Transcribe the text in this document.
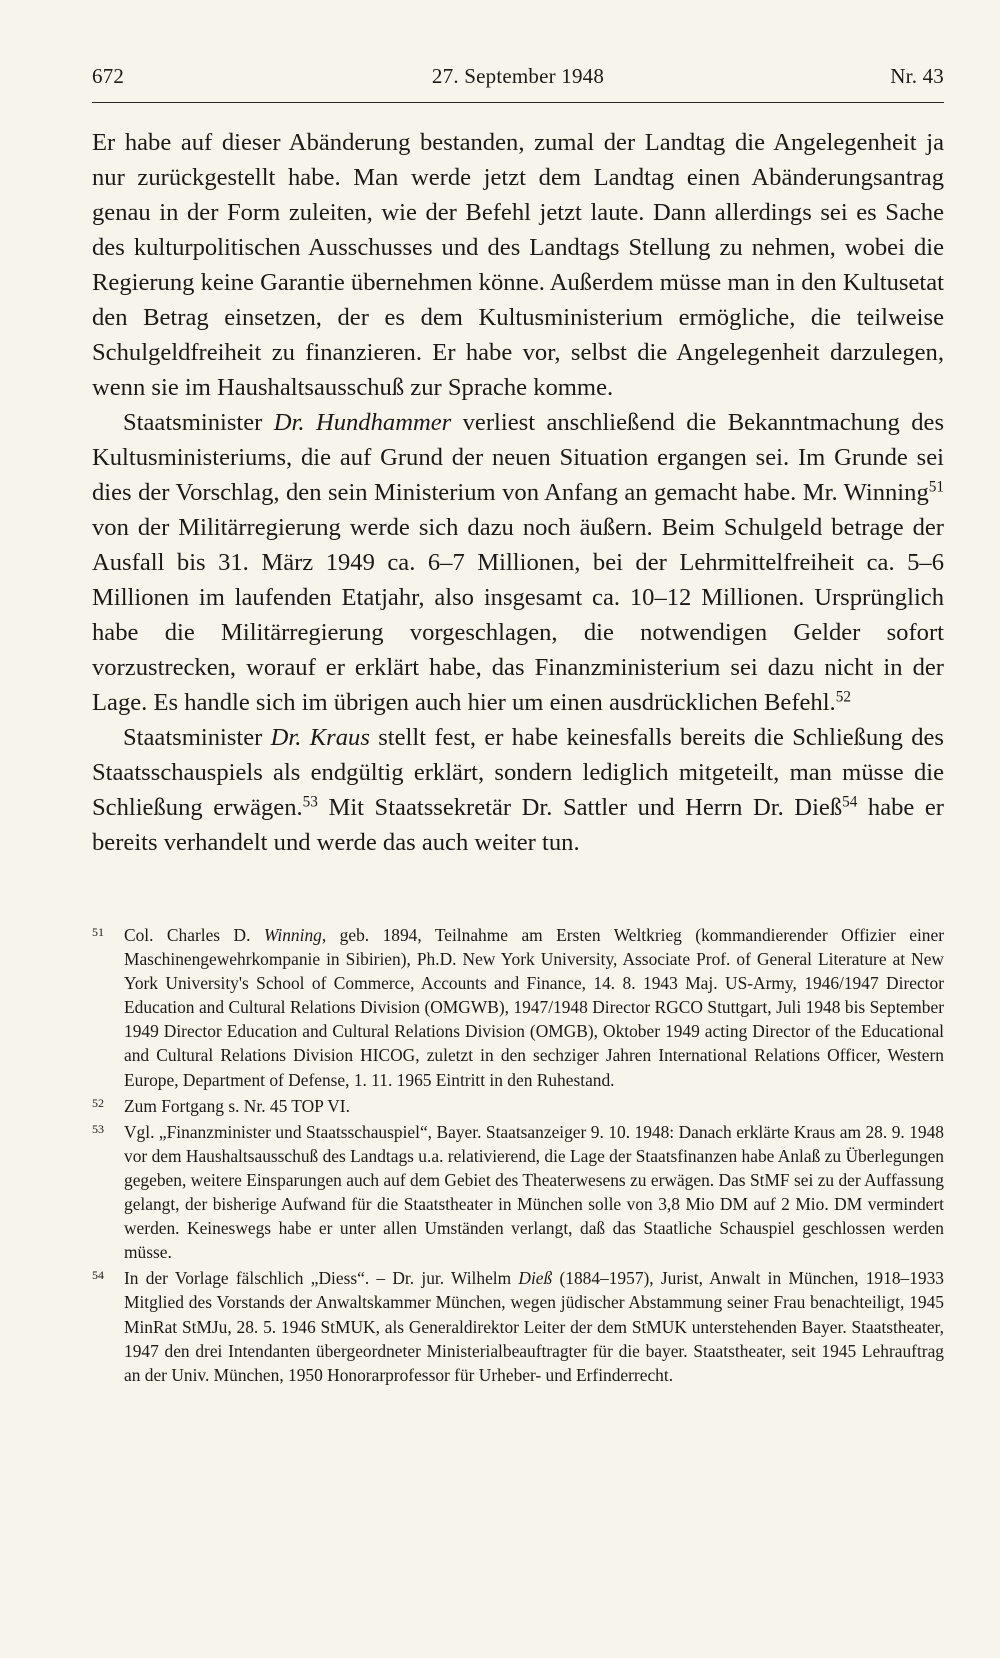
27. September 1948
672	Nr. 43

Er habe auf dieser Abänderung bestanden, zumal der Landtag die Angelegenheit ja nur zurückgestellt habe. Man werde jetzt dem Landtag einen Abänderungsantrag genau in der Form zuleiten, wie der Befehl jetzt laute. Dann allerdings sei es Sache des kulturpolitischen Ausschusses und des Landtags Stellung zu nehmen, wobei die Regierung keine Garantie übernehmen könne. Außerdem müsse man in den Kultusetat den Betrag einsetzen, der es dem Kultusministerium ermögliche, die teilweise Schulgeldfreiheit zu finanzieren. Er habe vor, selbst die Angelegenheit darzulegen, wenn sie im Haushaltsausschuß zur Sprache komme.

Staatsminister Dr. Hundhammer verliest anschließend die Bekanntmachung des Kultusministeriums, die auf Grund der neuen Situation ergangen sei. Im Grunde sei dies der Vorschlag, den sein Ministerium von Anfang an gemacht habe. Mr. Winning$^{51}$ von der Militärregierung werde sich dazu noch äußern. Beim Schulgeld betrage der Ausfall bis 31. März 1949 ca. 6–7 Millionen, bei der Lehrmittelfreiheit ca. 5–6 Millionen im laufenden Etatjahr, also insgesamt ca. 10–12 Millionen. Ursprünglich habe die Militärregierung vorgeschlagen, die notwendigen Gelder sofort vorzustrecken, worauf er erklärt habe, das Finanzministerium sei dazu nicht in der Lage. Es handle sich im übrigen auch hier um einen ausdrücklichen Befehl.$^{52}$

Staatsminister Dr. Kraus stellt fest, er habe keinesfalls bereits die Schließung des Staatsschauspiels als endgültig erklärt, sondern lediglich mitgeteilt, man müsse die Schließung erwägen.$^{53}$ Mit Staatssekretär Dr. Sattler und Herrn Dr. Dieß$^{54}$ habe er bereits verhandelt und werde das auch weiter tun.

51	Col. Charles D. Winning, geb. 1894, Teilnahme am Ersten Weltkrieg (kommandierender Offizier einer Maschinengewehrkompanie in Sibirien), Ph.D. New York University, Associate Prof. of General Literature at New York University's School of Commerce, Accounts and Finance, 14. 8. 1943 Maj. US-Army, 1946/1947 Director Education and Cultural Relations Division (OMGWB), 1947/1948 Director RGCO Stuttgart, Juli 1948 bis September 1949 Director Education and Cultural Relations Division (OMGB), Oktober 1949 acting Director of the Educational and Cultural Relations Division HICOG, zuletzt in den sechziger Jahren International Relations Officer, Western Europe, Department of Defense, 1. 11. 1965 Eintritt in den Ruhestand.
52	Zum Fortgang s. Nr. 45 TOP VI.
53	Vgl. „Finanzminister und Staatsschauspiel“, Bayer. Staatsanzeiger 9. 10. 1948: Danach erklärte Kraus am 28. 9. 1948 vor dem Haushaltsausschuß des Landtags u.a. relativierend, die Lage der Staatsfinanzen habe Anlaß zu Überlegungen gegeben, weitere Einsparungen auch auf dem Gebiet des Theaterwesens zu erwägen. Das StMF sei zu der Auffassung gelangt, der bisherige Aufwand für die Staatstheater in München solle von 3,8 Mio DM auf 2 Mio. DM vermindert werden. Keineswegs habe er unter allen Umständen verlangt, daß das Staatliche Schauspiel geschlossen werden müsse.
54	In der Vorlage fälschlich „Diess“. – Dr. jur. Wilhelm Dieß (1884–1957), Jurist, Anwalt in München, 1918–1933 Mitglied des Vorstands der Anwaltskammer München, wegen jüdischer Abstammung seiner Frau benachteiligt, 1945 MinRat StMJu, 28. 5. 1946 StMUK, als Generaldirektor Leiter der dem StMUK unterstehenden Bayer. Staatstheater, 1947 den drei Intendanten übergeordneter Ministerialbeauftragter für die bayer. Staatstheater, seit 1945 Lehrauftrag an der Univ. München, 1950 Honorarprofessor für Urheber- und Erfinderrecht.
